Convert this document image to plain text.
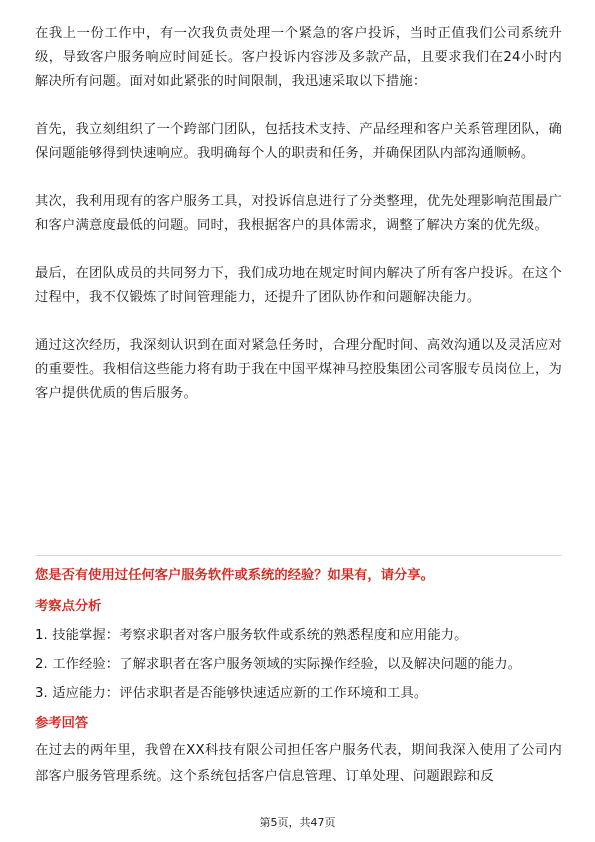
在我上一份工作中，有一次我负责处理一个紧急的客户投诉，当时正值我们公司系统升级，导致客户服务响应时间延长。客户投诉内容涉及多款产品，且要求我们在24小时内解决所有问题。面对如此紧张的时间限制，我迅速采取以下措施：

首先，我立刻组织了一个跨部门团队，包括技术支持、产品经理和客户关系管理团队，确保问题能够得到快速响应。我明确每个人的职责和任务，并确保团队内部沟通顺畅。

其次，我利用现有的客户服务工具，对投诉信息进行了分类整理，优先处理影响范围最广和客户满意度最低的问题。同时，我根据客户的具体需求，调整了解决方案的优先级。

最后，在团队成员的共同努力下，我们成功地在规定时间内解决了所有客户投诉。在这个过程中，我不仅锻炼了时间管理能力，还提升了团队协作和问题解决能力。

通过这次经历，我深刻认识到在面对紧急任务时，合理分配时间、高效沟通以及灵活应对的重要性。我相信这些能力将有助于我在中国平煤神马控股集团公司客服专员岗位上，为客户提供优质的售后服务。

您是否有使用过任何客户服务软件或系统的经验？如果有，请分享。

考察点分析

1. 技能掌握：考察求职者对客户服务软件或系统的熟悉程度和应用能力。
2. 工作经验：了解求职者在客户服务领域的实际操作经验，以及解决问题的能力。
3. 适应能力：评估求职者是否能够快速适应新的工作环境和工具。

参考回答

在过去的两年里，我曾在XX科技有限公司担任客户服务代表，期间我深入使用了公司内部客户服务管理系统。这个系统包括客户信息管理、订单处理、问题跟踪和反

第5页，共47页
